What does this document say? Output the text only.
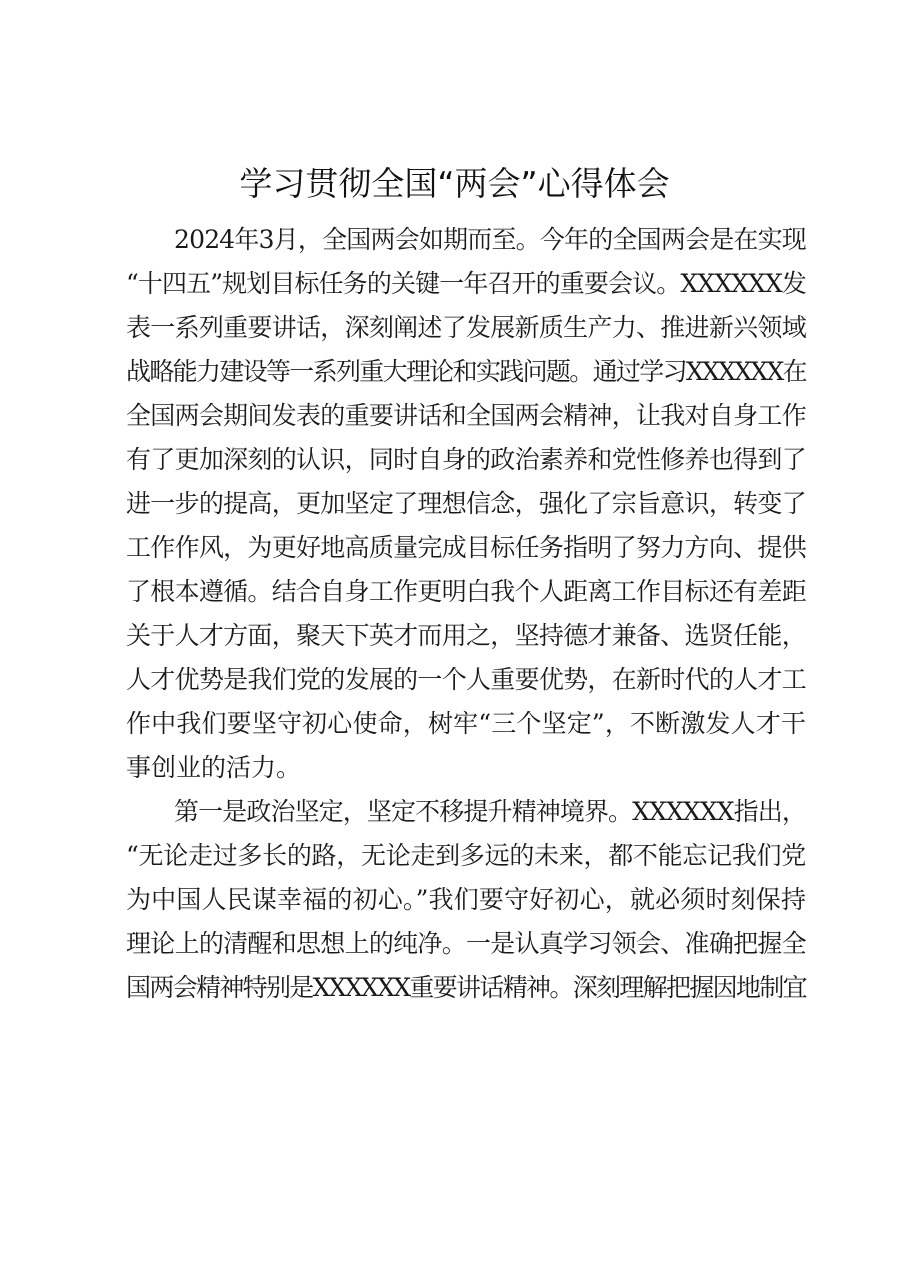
学习贯彻全国“两会”心得体会
2024年3月，全国两会如期而至。今年的全国两会是在实现
“十四五”规划目标任务的关键一年召开的重要会议。XXXXXX发
表一系列重要讲话，深刻阐述了发展新质生产力、推进新兴领域
战略能力建设等一系列重大理论和实践问题。通过学习XXXXXX在
全国两会期间发表的重要讲话和全国两会精神，让我对自身工作
有了更加深刻的认识，同时自身的政治素养和党性修养也得到了
进一步的提高，更加坚定了理想信念，强化了宗旨意识，转变了
工作作风，为更好地高质量完成目标任务指明了努力方向、提供
了根本遵循。结合自身工作更明白我个人距离工作目标还有差距
关于人才方面，聚天下英才而用之，坚持德才兼备、选贤任能，
人才优势是我们党的发展的一个人重要优势，在新时代的人才工
作中我们要坚守初心使命，树牢“三个坚定”，不断激发人才干
事创业的活力。
第一是政治坚定，坚定不移提升精神境界。XXXXXX指出，
“无论走过多长的路，无论走到多远的未来，都不能忘记我们党
为中国人民谋幸福的初心。”我们要守好初心，就必须时刻保持
理论上的清醒和思想上的纯净。一是认真学习领会、准确把握全
国两会精神特别是XXXXXX重要讲话精神。深刻理解把握因地制宜
